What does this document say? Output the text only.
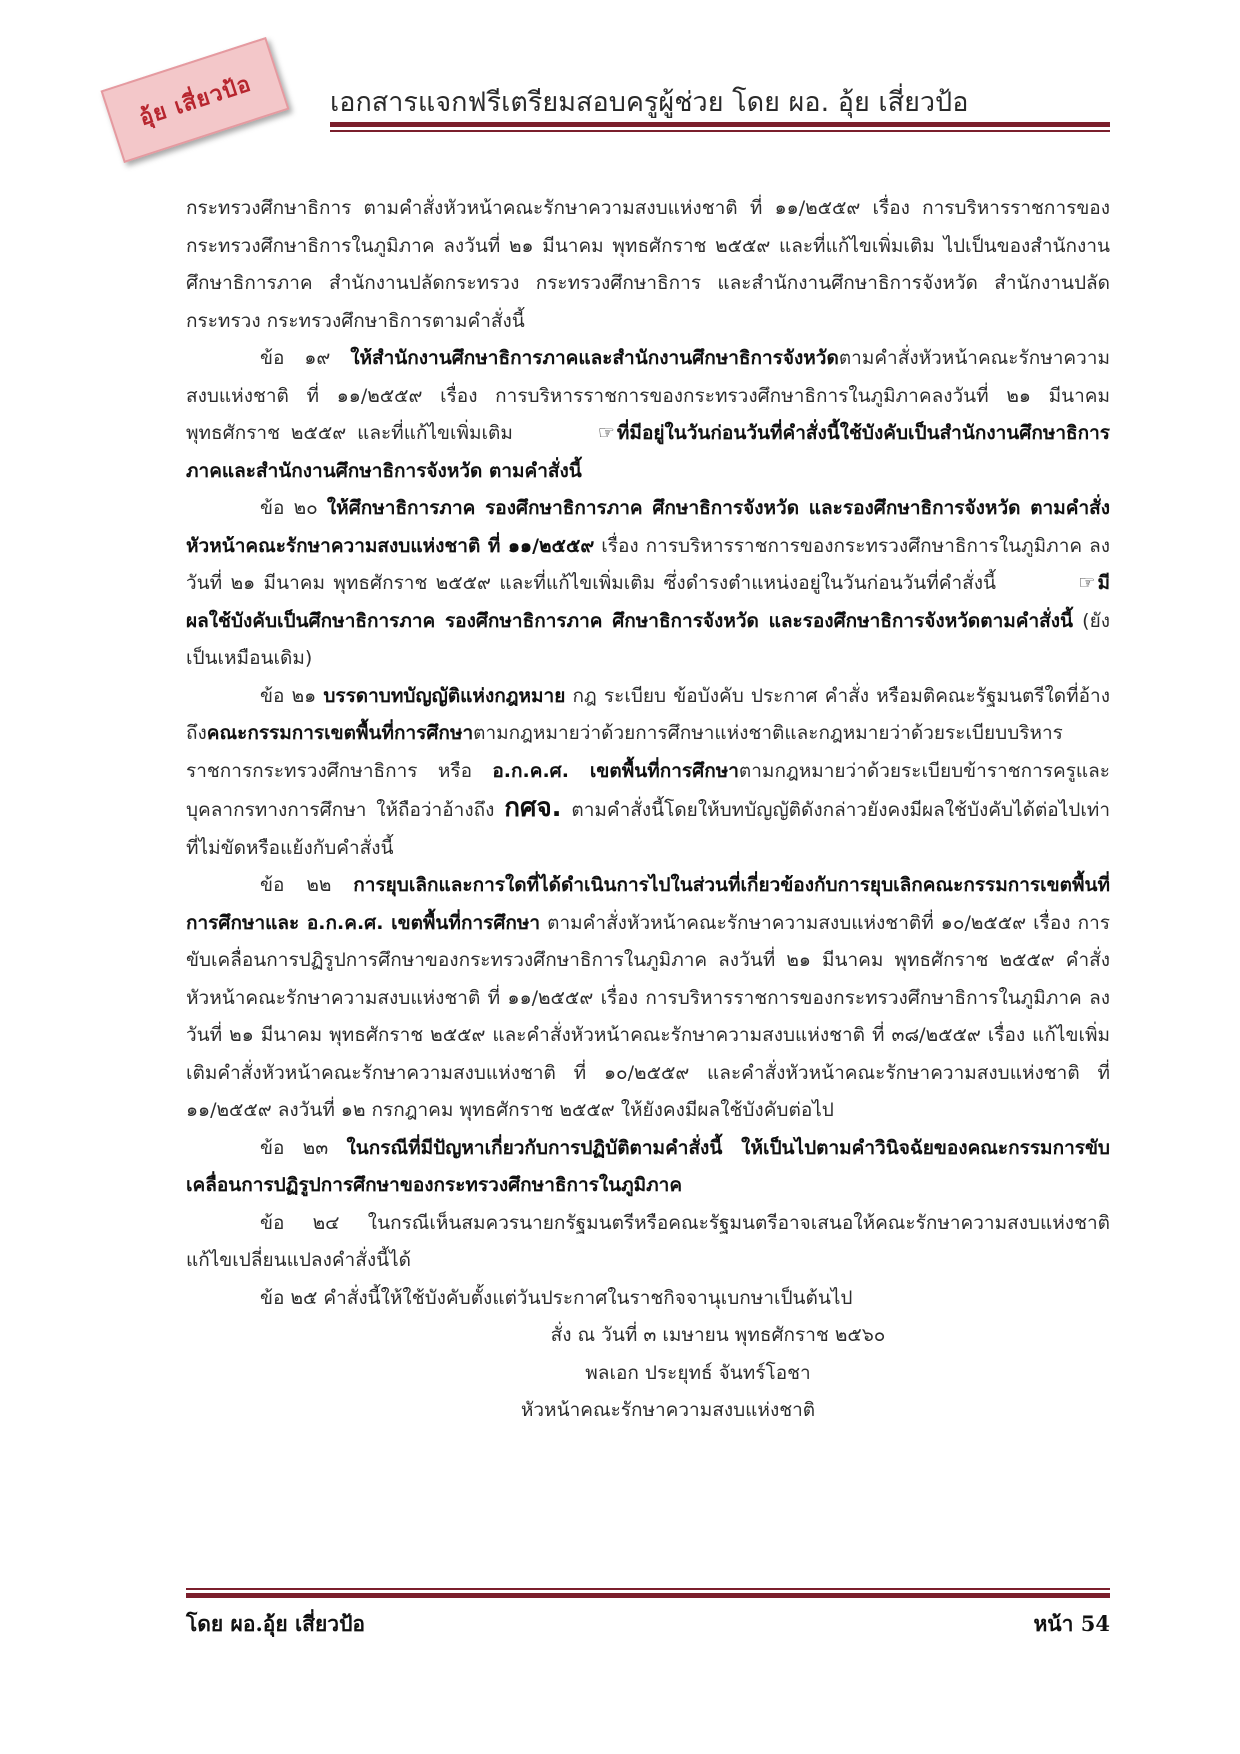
อุ้ย เสี่ยวป้อ	เอกสารแจกฟรีเตรียมสอบครูผู้ช่วย โดย ผอ. อุ้ย เสี่ยวป้อ

กระทรวงศึกษาธิการ ตามคำสั่งหัวหน้าคณะรักษาความสงบแห่งชาติ ที่ ๑๑/๒๕๕๙ เรื่อง การบริหารราชการของกระทรวงศึกษาธิการในภูมิภาค ลงวันที่ ๒๑ มีนาคม พุทธศักราช ๒๕๕๙ และที่แก้ไขเพิ่มเติม ไปเป็นของสำนักงานศึกษาธิการภาค สำนักงานปลัดกระทรวง กระทรวงศึกษาธิการ และสำนักงานศึกษาธิการจังหวัด สำนักงานปลัดกระทรวง กระทรวงศึกษาธิการตามคำสั่งนี้

ข้อ ๑๙ ให้สำนักงานศึกษาธิการภาคและสำนักงานศึกษาธิการจังหวัดตามคำสั่งหัวหน้าคณะรักษาความสงบแห่งชาติ ที่ ๑๑/๒๕๕๙ เรื่อง การบริหารราชการของกระทรวงศึกษาธิการในภูมิภาคลงวันที่ ๒๑ มีนาคม พุทธศักราช ๒๕๕๙ และที่แก้ไขเพิ่มเติม	☞ ที่มีอยู่ในวันก่อนวันที่คำสั่งนี้ใช้บังคับเป็นสำนักงานศึกษาธิการภาคและสำนักงานศึกษาธิการจังหวัด ตามคำสั่งนี้

ข้อ ๒๐ ให้ศึกษาธิการภาค รองศึกษาธิการภาค ศึกษาธิการจังหวัด และรองศึกษาธิการจังหวัด ตามคำสั่งหัวหน้าคณะรักษาความสงบแห่งชาติ ที่ ๑๑/๒๕๕๙ เรื่อง การบริหารราชการของกระทรวงศึกษาธิการในภูมิภาค ลงวันที่ ๒๑ มีนาคม พุทธศักราช ๒๕๕๙ และที่แก้ไขเพิ่มเติม ซึ่งดำรงตำแหน่งอยู่ในวันก่อนวันที่คำสั่งนี้	☞ มีผลใช้บังคับเป็นศึกษาธิการภาค รองศึกษาธิการภาค ศึกษาธิการจังหวัด และรองศึกษาธิการจังหวัดตามคำสั่งนี้ (ยังเป็นเหมือนเดิม)

ข้อ ๒๑ บรรดาบทบัญญัติแห่งกฎหมาย กฎ ระเบียบ ข้อบังคับ ประกาศ คำสั่ง หรือมติคณะรัฐมนตรีใดที่อ้างถึงคณะกรรมการเขตพื้นที่การศึกษาตามกฎหมายว่าด้วยการศึกษาแห่งชาติและกฎหมายว่าด้วยระเบียบบริหารราชการกระทรวงศึกษาธิการ หรือ อ.ก.ค.ศ. เขตพื้นที่การศึกษาตามกฎหมายว่าด้วยระเบียบข้าราชการครูและบุคลากรทางการศึกษา ให้ถือว่าอ้างถึง กศจ. ตามคำสั่งนี้โดยให้บทบัญญัติดังกล่าวยังคงมีผลใช้บังคับได้ต่อไปเท่าที่ไม่ขัดหรือแย้งกับคำสั่งนี้

ข้อ ๒๒ การยุบเลิกและการใดที่ได้ดำเนินการไปในส่วนที่เกี่ยวข้องกับการยุบเลิกคณะกรรมการเขตพื้นที่การศึกษาและ อ.ก.ค.ศ. เขตพื้นที่การศึกษา ตามคำสั่งหัวหน้าคณะรักษาความสงบแห่งชาติที่ ๑๐/๒๕๕๙ เรื่อง การขับเคลื่อนการปฏิรูปการศึกษาของกระทรวงศึกษาธิการในภูมิภาค ลงวันที่ ๒๑ มีนาคม พุทธศักราช ๒๕๕๙ คำสั่งหัวหน้าคณะรักษาความสงบแห่งชาติ ที่ ๑๑/๒๕๕๙ เรื่อง การบริหารราชการของกระทรวงศึกษาธิการในภูมิภาค ลงวันที่ ๒๑ มีนาคม พุทธศักราช ๒๕๕๙ และคำสั่งหัวหน้าคณะรักษาความสงบแห่งชาติ ที่ ๓๘/๒๕๕๙ เรื่อง แก้ไขเพิ่มเติมคำสั่งหัวหน้าคณะรักษาความสงบแห่งชาติ ที่ ๑๐/๒๕๕๙ และคำสั่งหัวหน้าคณะรักษาความสงบแห่งชาติ ที่ ๑๑/๒๕๕๙ ลงวันที่ ๑๒ กรกฎาคม พุทธศักราช ๒๕๕๙ ให้ยังคงมีผลใช้บังคับต่อไป

ข้อ ๒๓ ในกรณีที่มีปัญหาเกี่ยวกับการปฏิบัติตามคำสั่งนี้ ให้เป็นไปตามคำวินิจฉัยของคณะกรรมการขับเคลื่อนการปฏิรูปการศึกษาของกระทรวงศึกษาธิการในภูมิภาค

ข้อ ๒๔ ในกรณีเห็นสมควรนายกรัฐมนตรีหรือคณะรัฐมนตรีอาจเสนอให้คณะรักษาความสงบแห่งชาติแก้ไขเปลี่ยนแปลงคำสั่งนี้ได้

ข้อ ๒๕ คำสั่งนี้ให้ใช้บังคับตั้งแต่วันประกาศในราชกิจจานุเบกษาเป็นต้นไป

สั่ง ณ วันที่ ๓ เมษายน พุทธศักราช ๒๕๖๐

พลเอก ประยุทธ์ จันทร์โอชา

หัวหน้าคณะรักษาความสงบแห่งชาติ

โดย ผอ.อุ้ย เสี่ยวป้อ	หน้า 54
